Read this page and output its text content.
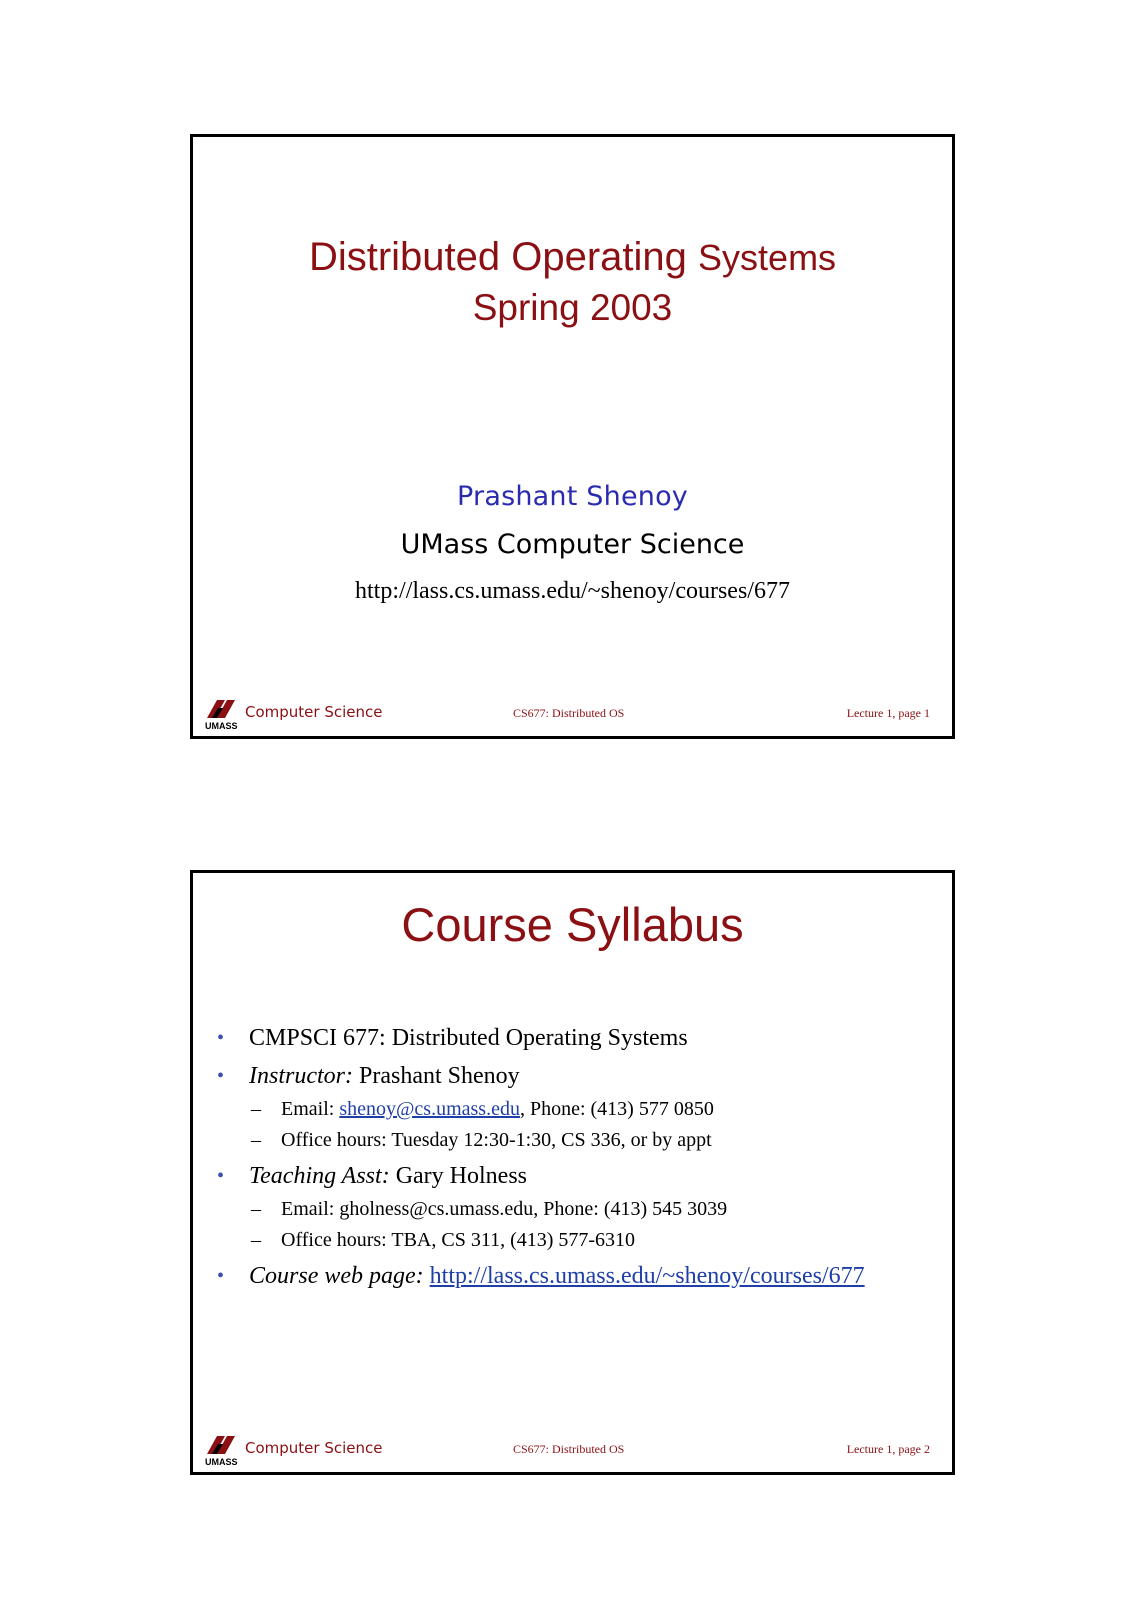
Distributed Operating Systems
Spring 2003
Prashant Shenoy
UMass Computer Science
http://lass.cs.umass.edu/~shenoy/courses/677
UMASS
Computer Science	CS677: Distributed OS	Lecture 1, page 1
Course Syllabus
• CMPSCI 677: Distributed Operating Systems
• Instructor: Prashant Shenoy
– Email: shenoy@cs.umass.edu, Phone: (413) 577 0850
– Office hours: Tuesday 12:30-1:30, CS 336, or by appt
• Teaching Asst: Gary Holness
– Email: gholness@cs.umass.edu, Phone: (413) 545 3039
– Office hours: TBA, CS 311, (413) 577-6310
• Course web page: http://lass.cs.umass.edu/~shenoy/courses/677
UMASS
Computer Science	CS677: Distributed OS	Lecture 1, page 2
